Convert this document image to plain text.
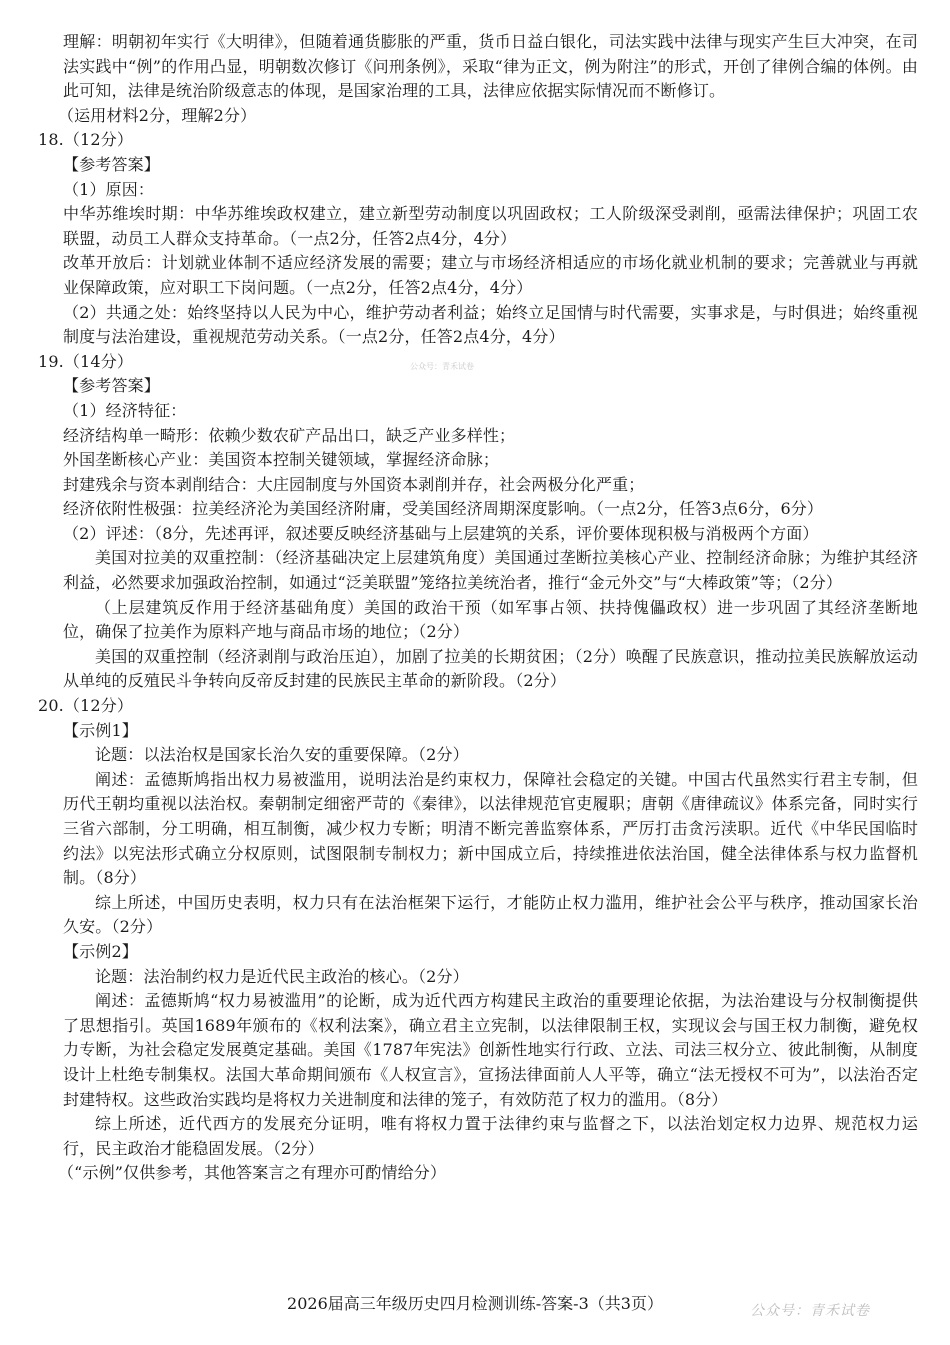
理解：明朝初年实行《大明律》，但随着通货膨胀的严重，货币日益白银化，司法实践中法律与现实产生巨大冲突，在司法实践中“例”的作用凸显，明朝数次修订《问刑条例》，采取“律为正文，例为附注”的形式，开创了律例合编的体例。由此可知，法律是统治阶级意志的体现，是国家治理的工具，法律应依据实际情况而不断修订。

（运用材料2分，理解2分）

18.（12分）

【参考答案】

（1）原因：

中华苏维埃时期：中华苏维埃政权建立，建立新型劳动制度以巩固政权；工人阶级深受剥削，亟需法律保护；巩固工农联盟，动员工人群众支持革命。（一点2分，任答2点4分，4分）

改革开放后：计划就业体制不适应经济发展的需要；建立与市场经济相适应的市场化就业机制的要求；完善就业与再就业保障政策，应对职工下岗问题。（一点2分，任答2点4分，4分）

（2）共通之处：始终坚持以人民为中心，维护劳动者利益；始终立足国情与时代需要，实事求是，与时俱进；始终重视制度与法治建设，重视规范劳动关系。（一点2分，任答2点4分，4分）

19.（14分）

【参考答案】

（1）经济特征：

经济结构单一畸形：依赖少数农矿产品出口，缺乏产业多样性；

外国垄断核心产业：美国资本控制关键领域，掌握经济命脉；

封建残余与资本剥削结合：大庄园制度与外国资本剥削并存，社会两极分化严重；

经济依附性极强：拉美经济沦为美国经济附庸，受美国经济周期深度影响。（一点2分，任答3点6分，6分）

（2）评述：（8分，先述再评，叙述要反映经济基础与上层建筑的关系，评价要体现积极与消极两个方面）

美国对拉美的双重控制：（经济基础决定上层建筑角度）美国通过垄断拉美核心产业、控制经济命脉；为维护其经济利益，必然要求加强政治控制，如通过“泛美联盟”笼络拉美统治者，推行“金元外交”与“大棒政策”等；（2分）

（上层建筑反作用于经济基础角度）美国的政治干预（如军事占领、扶持傀儡政权）进一步巩固了其经济垄断地位，确保了拉美作为原料产地与商品市场的地位；（2分）

美国的双重控制（经济剥削与政治压迫），加剧了拉美的长期贫困；（2分）唤醒了民族意识，推动拉美民族解放运动从单纯的反殖民斗争转向反帝反封建的民族民主革命的新阶段。（2分）

20.（12分）

【示例1】

论题：以法治权是国家长治久安的重要保障。（2分）

阐述：孟德斯鸠指出权力易被滥用，说明法治是约束权力，保障社会稳定的关键。中国古代虽然实行君主专制，但历代王朝均重视以法治权。秦朝制定细密严苛的《秦律》，以法律规范官吏履职；唐朝《唐律疏议》体系完备，同时实行三省六部制，分工明确，相互制衡，减少权力专断；明清不断完善监察体系，严厉打击贪污渎职。近代《中华民国临时约法》以宪法形式确立分权原则，试图限制专制权力；新中国成立后，持续推进依法治国，健全法律体系与权力监督机制。（8分）

综上所述，中国历史表明，权力只有在法治框架下运行，才能防止权力滥用，维护社会公平与秩序，推动国家长治久安。（2分）

【示例2】

论题：法治制约权力是近代民主政治的核心。（2分）

阐述：孟德斯鸠“权力易被滥用”的论断，成为近代西方构建民主政治的重要理论依据，为法治建设与分权制衡提供了思想指引。英国1689年颁布的《权利法案》，确立君主立宪制，以法律限制王权，实现议会与国王权力制衡，避免权力专断，为社会稳定发展奠定基础。美国《1787年宪法》创新性地实行行政、立法、司法三权分立、彼此制衡，从制度设计上杜绝专制集权。法国大革命期间颁布《人权宣言》，宣扬法律面前人人平等，确立“法无授权不可为”，以法治否定封建特权。这些政治实践均是将权力关进制度和法律的笼子，有效防范了权力的滥用。（8分）

综上所述，近代西方的发展充分证明，唯有将权力置于法律约束与监督之下，以法治划定权力边界、规范权力运行，民主政治才能稳固发展。（2分）

（“示例”仅供参考，其他答案言之有理亦可酌情给分）

公众号：青禾试卷
2026届高三年级历史四月检测训练-答案-3（共3页）	公众号：青禾试卷
